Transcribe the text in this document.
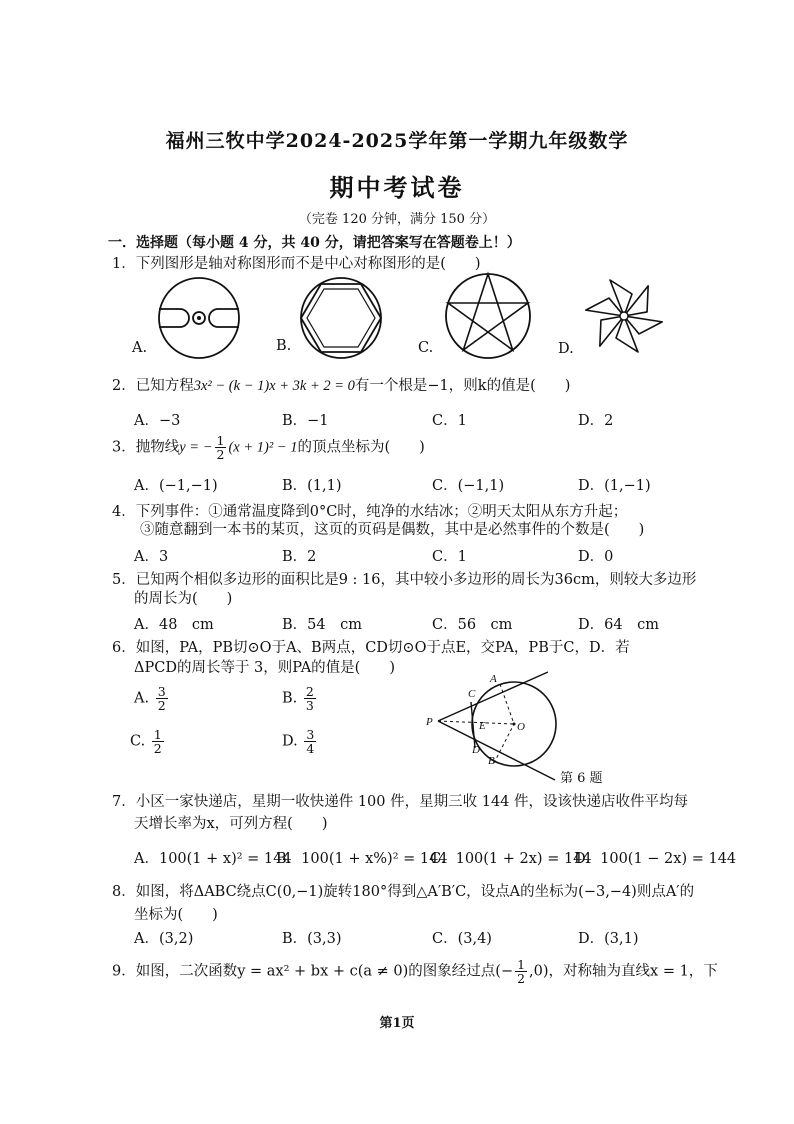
福州三牧中学2024-2025学年第一学期九年级数学
期中考试卷
（完卷 120 分钟，满分 150 分）
一．选择题（每小题 4 分，共 40 分，请把答案写在答题卷上！）
1．下列图形是轴对称图形而不是中心对称图形的是(　　)
A.	B.	C.	D.
2．已知方程3x² − (k − 1)x + 3k + 2 = 0有一个根是−1，则k的值是(　　)
A．−3	B．−1	C．1	D．2
3．抛物线y = − $\frac{1}{2} (x + 1)^2 - 1$的顶点坐标为(　　)
A．(−1,−1)	B．(1,1)	C．(−1,1)	D．(1,−1)
4．下列事件：①通常温度降到0°C时，纯净的水结冰；②明天太阳从东方升起；
③随意翻到一本书的某页，这页的页码是偶数，其中是必然事件的个数是(　　)
A．3	B．2	C．1	D．0
5．已知两个相似多边形的面积比是9 : 16，其中较小多边形的周长为36cm，则较大多边形
的周长为(　　)
A．48　cm	B．54　cm	C．56　cm	D．64　cm
6．如图，PA，PB切⊙O于A、B两点，CD切⊙O于点E，交PA，PB于C，D．若
ΔPCD的周长等于 3，则PA的值是(　　)
A. $\frac{3}{2}$	B. $\frac{2}{3}$
C. $\frac{1}{2}$	D. $\frac{3}{4}$
A
C
P	E	O
D
B
第 6 题
7．小区一家快递店，星期一收快递件 100 件，星期三收 144 件，设该快递店收件平均每
天增长率为x，可列方程(　　)
A．100(1 + x)² = 144
B．100(1 + x%)² = 144
C．100(1 + 2x) = 144
D．100(1 − 2x) = 144
8．如图，将ΔABC绕点C(0,−1)旋转180°得到△A′B′C，设点A的坐标为(−3,−4)则点A′的
坐标为(　　)
A．(3,2)	B．(3,3)	C．(3,4)	D．(3,1)
9．如图，二次函数y = ax² + bx + c(a ≠ 0)的图象经过点(− $\frac{1}{2} ,0$)，对称轴为直线x = 1，下
第1页
